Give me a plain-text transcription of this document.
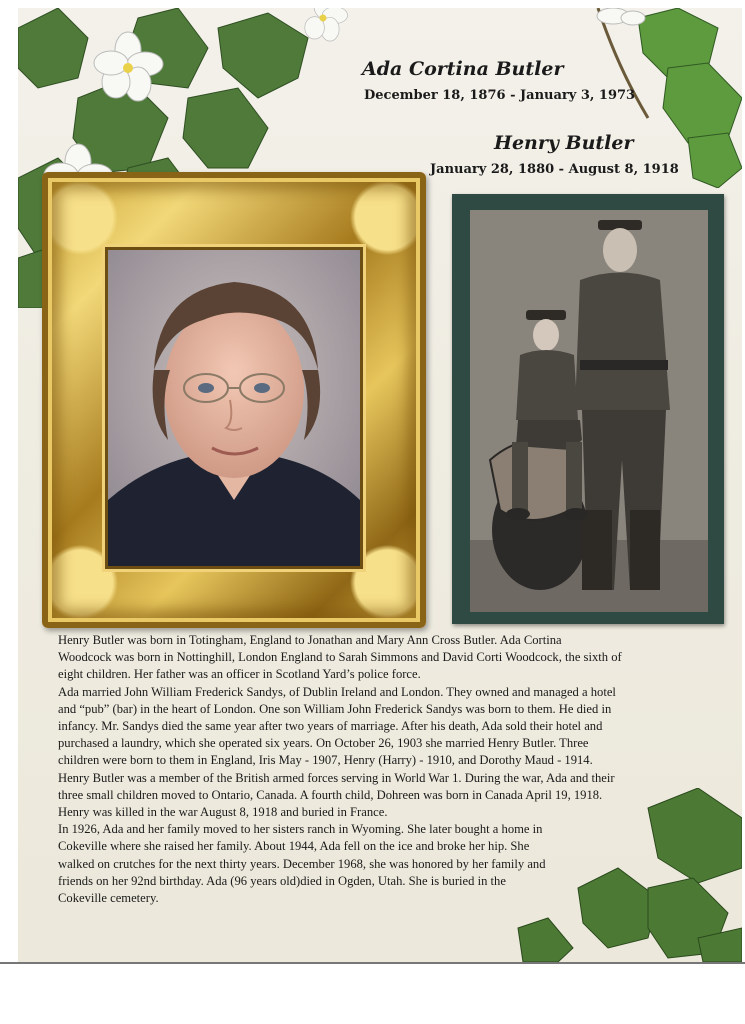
Ada Cortina Butler
December 18, 1876 - January 3, 1973
Henry Butler
January 28, 1880 - August 8, 1918

Henry Butler was born in Totingham, England to Jonathan and Mary Ann Cross Butler. Ada Cortina

Woodcock was born in Nottinghill, London England to Sarah Simmons and David Corti Woodcock, the sixth of

eight children. Her father was an officer in Scotland Yard’s police force.

Ada married John William Frederick Sandys, of Dublin Ireland and London. They owned and managed a hotel

and “pub” (bar) in the heart of London. One son William John Frederick Sandys was born to them. He died in

infancy. Mr. Sandys died the same year after two years of marriage. After his death, Ada sold their hotel and

purchased a laundry, which she operated six years. On October 26, 1903 she married Henry Butler. Three

children were born to them in England, Iris May - 1907, Henry (Harry) - 1910, and Dorothy Maud - 1914.

Henry Butler was a member of the British armed forces serving in World War 1. During the war, Ada and their

three small children moved to Ontario, Canada. A fourth child, Dohreen was born in Canada April 19, 1918.

Henry was killed in the war August 8, 1918 and buried in France.

In 1926, Ada and her family moved to her sisters ranch in Wyoming. She later bought a home in

Cokeville where she raised her family. About 1944, Ada fell on the ice and broke her hip. She

walked on crutches for the next thirty years. December 1968, she was honored by her family and

friends on her 92nd birthday. Ada (96 years old)died in Ogden, Utah. She is buried in the

Cokeville cemetery.
